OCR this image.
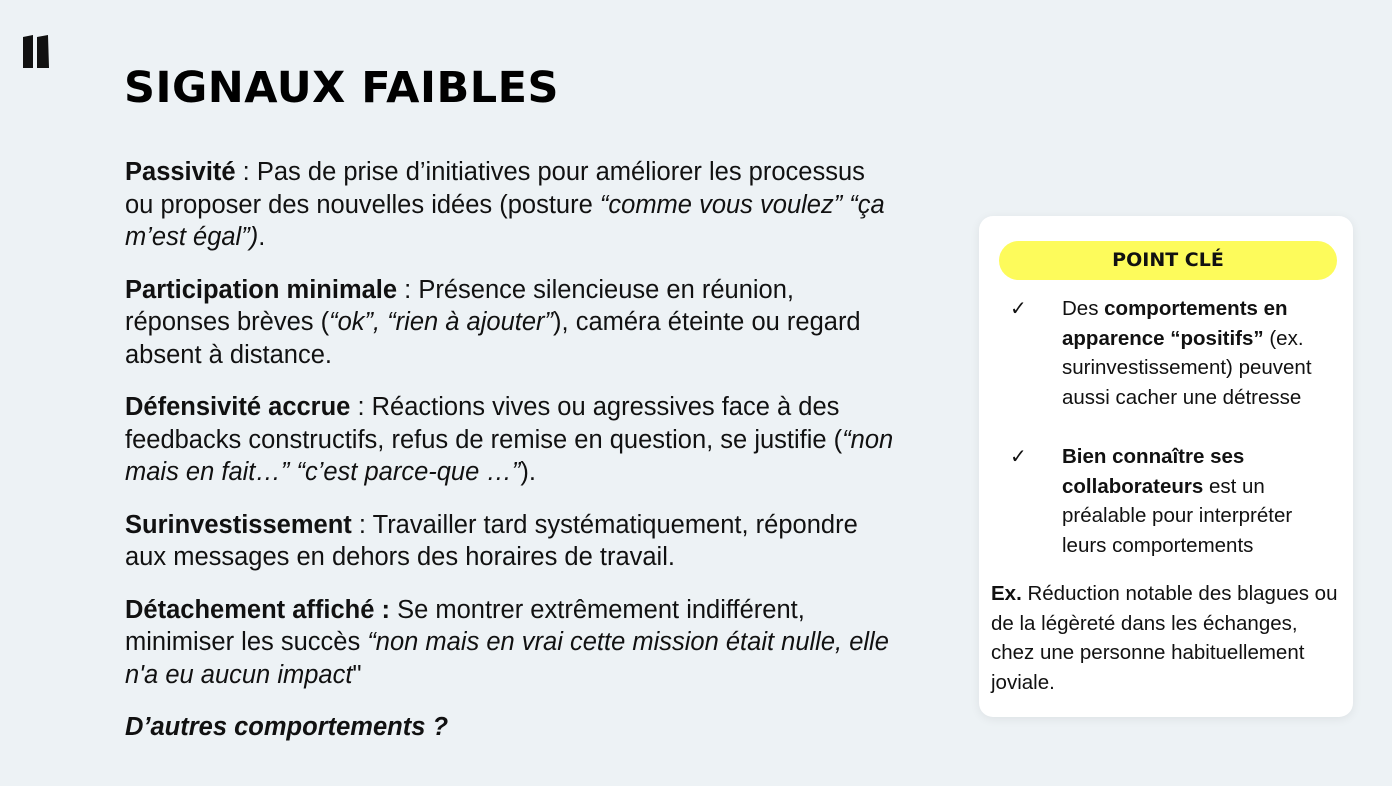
SIGNAUX FAIBLES

Passivité : Pas de prise d’initiatives pour améliorer les processus ou proposer des nouvelles idées (posture “comme vous voulez” “ça m’est égal”).

Participation minimale : Présence silencieuse en réunion, réponses brèves (“ok”, “rien à ajouter”), caméra éteinte ou regard absent à distance.

Défensivité accrue : Réactions vives ou agressives face à des feedbacks constructifs, refus de remise en question, se justifie (“non mais en fait…” “c’est parce-que …”).

Surinvestissement : Travailler tard systématiquement, répondre aux messages en dehors des horaires de travail.

Détachement affiché : Se montrer extrêmement indifférent, minimiser les succès “non mais en vrai cette mission était nulle, elle n'a eu aucun impact"

D’autres comportements ?

POINT CLÉ
✓ Des comportements en apparence “positifs” (ex. surinvestissement) peuvent aussi cacher une détresse
✓ Bien connaître ses collaborateurs est un préalable pour interpréter leurs comportements
Ex. Réduction notable des blagues ou de la légèreté dans les échanges, chez une personne habituellement joviale.
